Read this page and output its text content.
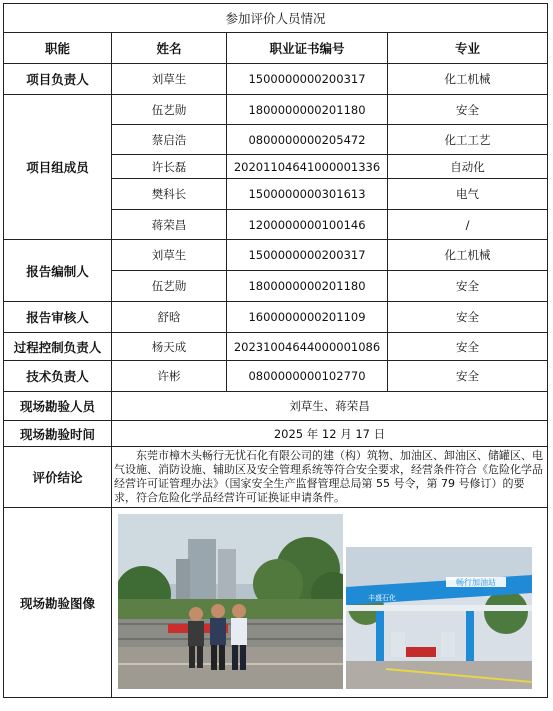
参加评价人员情况			
职能	姓名	职业证书编号	专业
项目负责人	刘草生	1500000000200317	化工机械
项目组成员	伍艺勋	1800000000201180	安全
	蔡启浩	0800000000205472	化工工艺
	许长磊	20201104641000001336	自动化
	樊科长	1500000000301613	电气
	蒋荣昌	1200000000100146	/
报告编制人	刘草生	1500000000200317	化工机械
	伍艺勋	1800000000201180	安全
报告审核人	舒晗	1600000000201109	安全
过程控制负责人	杨天成	20231004644000001086	安全
技术负责人	许彬	0800000000102770	安全
现场勘验人员	刘草生、蒋荣昌		
现场勘验时间	2025 年 12 月 17 日		
评价结论	东莞市樟木头畅行无忧石化有限公司的建（构）筑物、加油区、卸油区、储罐区、电气设施、消防设施、辅助区及安全管理系统等符合安全要求，经营条件符合《危险化学品经营许可证管理办法》（国家安全生产监督管理总局第 55 号令，第 79 号修订）的要求，符合危险化学品经营许可证换证申请条件。		
现场勘验图像	畅行加油站
丰盛石化		
